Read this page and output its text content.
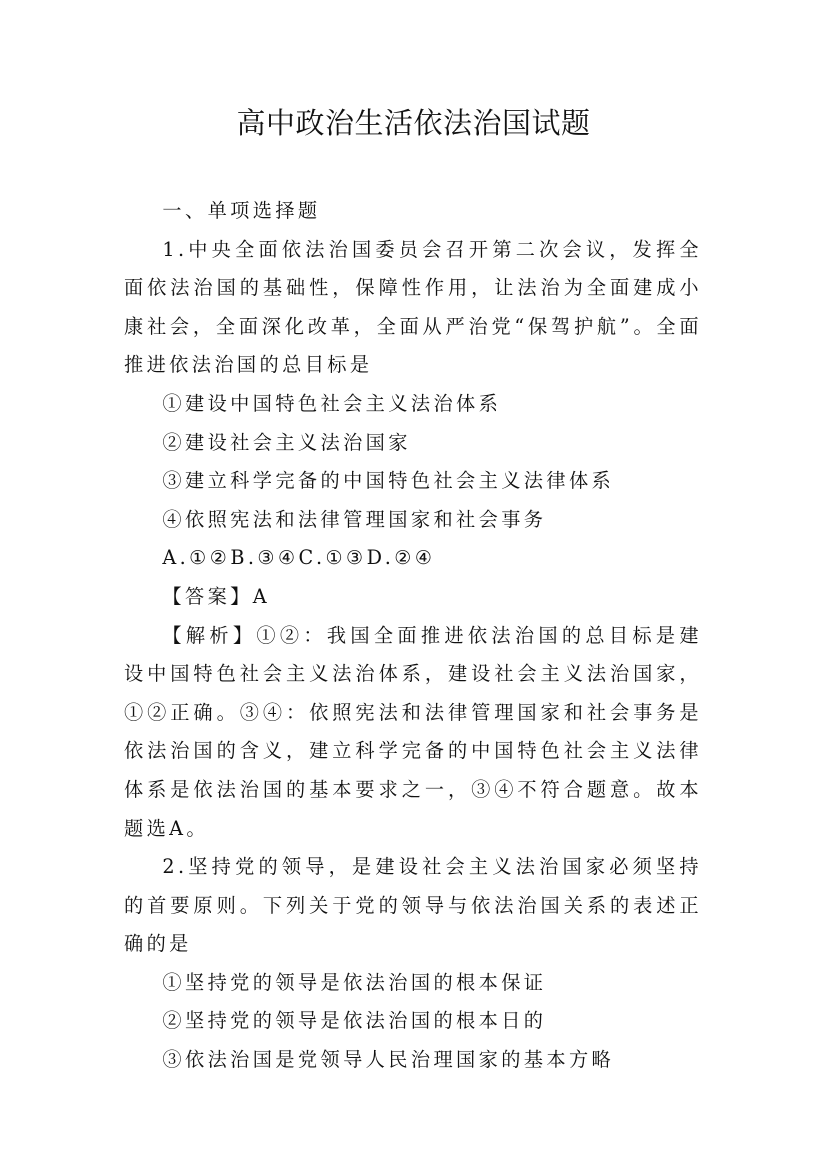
高中政治生活依法治国试题

一、单项选择题

1.中央全面依法治国委员会召开第二次会议，发挥全面依法治国的基础性，保障性作用，让法治为全面建成小康社会，全面深化改革，全面从严治党“保驾护航”。全面推进依法治国的总目标是

①建设中国特色社会主义法治体系

②建设社会主义法治国家

③建立科学完备的中国特色社会主义法律体系

④依照宪法和法律管理国家和社会事务

A.①②B.③④C.①③D.②④

【答案】A

【解析】①②：我国全面推进依法治国的总目标是建设中国特色社会主义法治体系，建设社会主义法治国家，①②正确。③④：依照宪法和法律管理国家和社会事务是依法治国的含义，建立科学完备的中国特色社会主义法律体系是依法治国的基本要求之一，③④不符合题意。故本题选A。

2.坚持党的领导，是建设社会主义法治国家必须坚持的首要原则。下列关于党的领导与依法治国关系的表述正确的是

①坚持党的领导是依法治国的根本保证

②坚持党的领导是依法治国的根本日的

③依法治国是党领导人民治理国家的基本方略
